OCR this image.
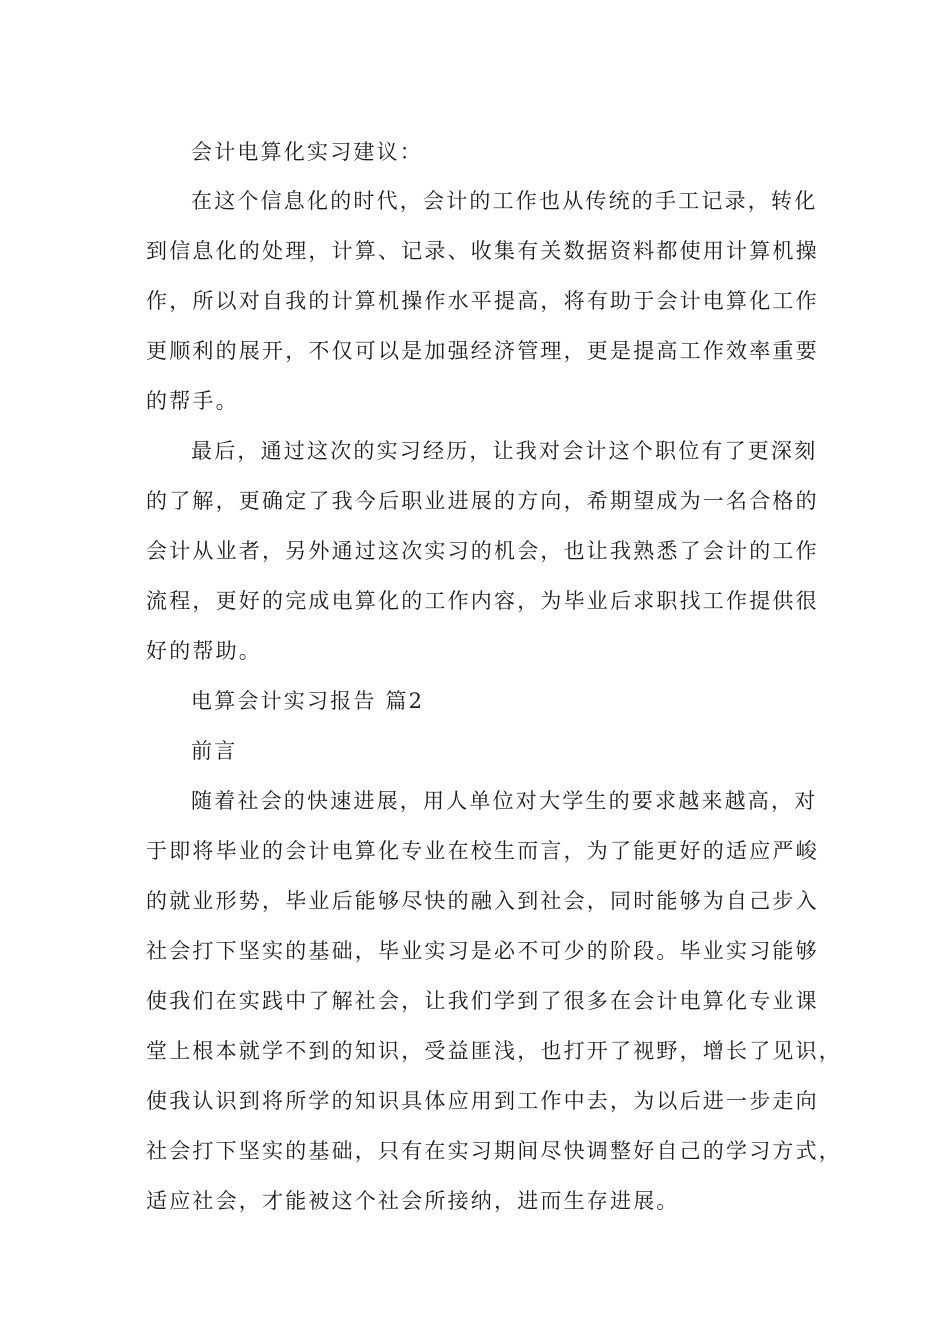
会计电算化实习建议：
在这个信息化的时代，会计的工作也从传统的手工记录，转化
到信息化的处理，计算、记录、收集有关数据资料都使用计算机操
作，所以对自我的计算机操作水平提高，将有助于会计电算化工作
更顺利的展开，不仅可以是加强经济管理，更是提高工作效率重要
的帮手。
最后，通过这次的实习经历，让我对会计这个职位有了更深刻
的了解，更确定了我今后职业进展的方向，希期望成为一名合格的
会计从业者，另外通过这次实习的机会，也让我熟悉了会计的工作
流程，更好的完成电算化的工作内容，为毕业后求职找工作提供很
好的帮助。
电算会计实习报告 篇2
前言
随着社会的快速进展，用人单位对大学生的要求越来越高，对
于即将毕业的会计电算化专业在校生而言，为了能更好的适应严峻
的就业形势，毕业后能够尽快的融入到社会，同时能够为自己步入
社会打下坚实的基础，毕业实习是必不可少的阶段。毕业实习能够
使我们在实践中了解社会，让我们学到了很多在会计电算化专业课
堂上根本就学不到的知识，受益匪浅，也打开了视野，增长了见识，
使我认识到将所学的知识具体应用到工作中去，为以后进一步走向
社会打下坚实的基础，只有在实习期间尽快调整好自己的学习方式，
适应社会，才能被这个社会所接纳，进而生存进展。
